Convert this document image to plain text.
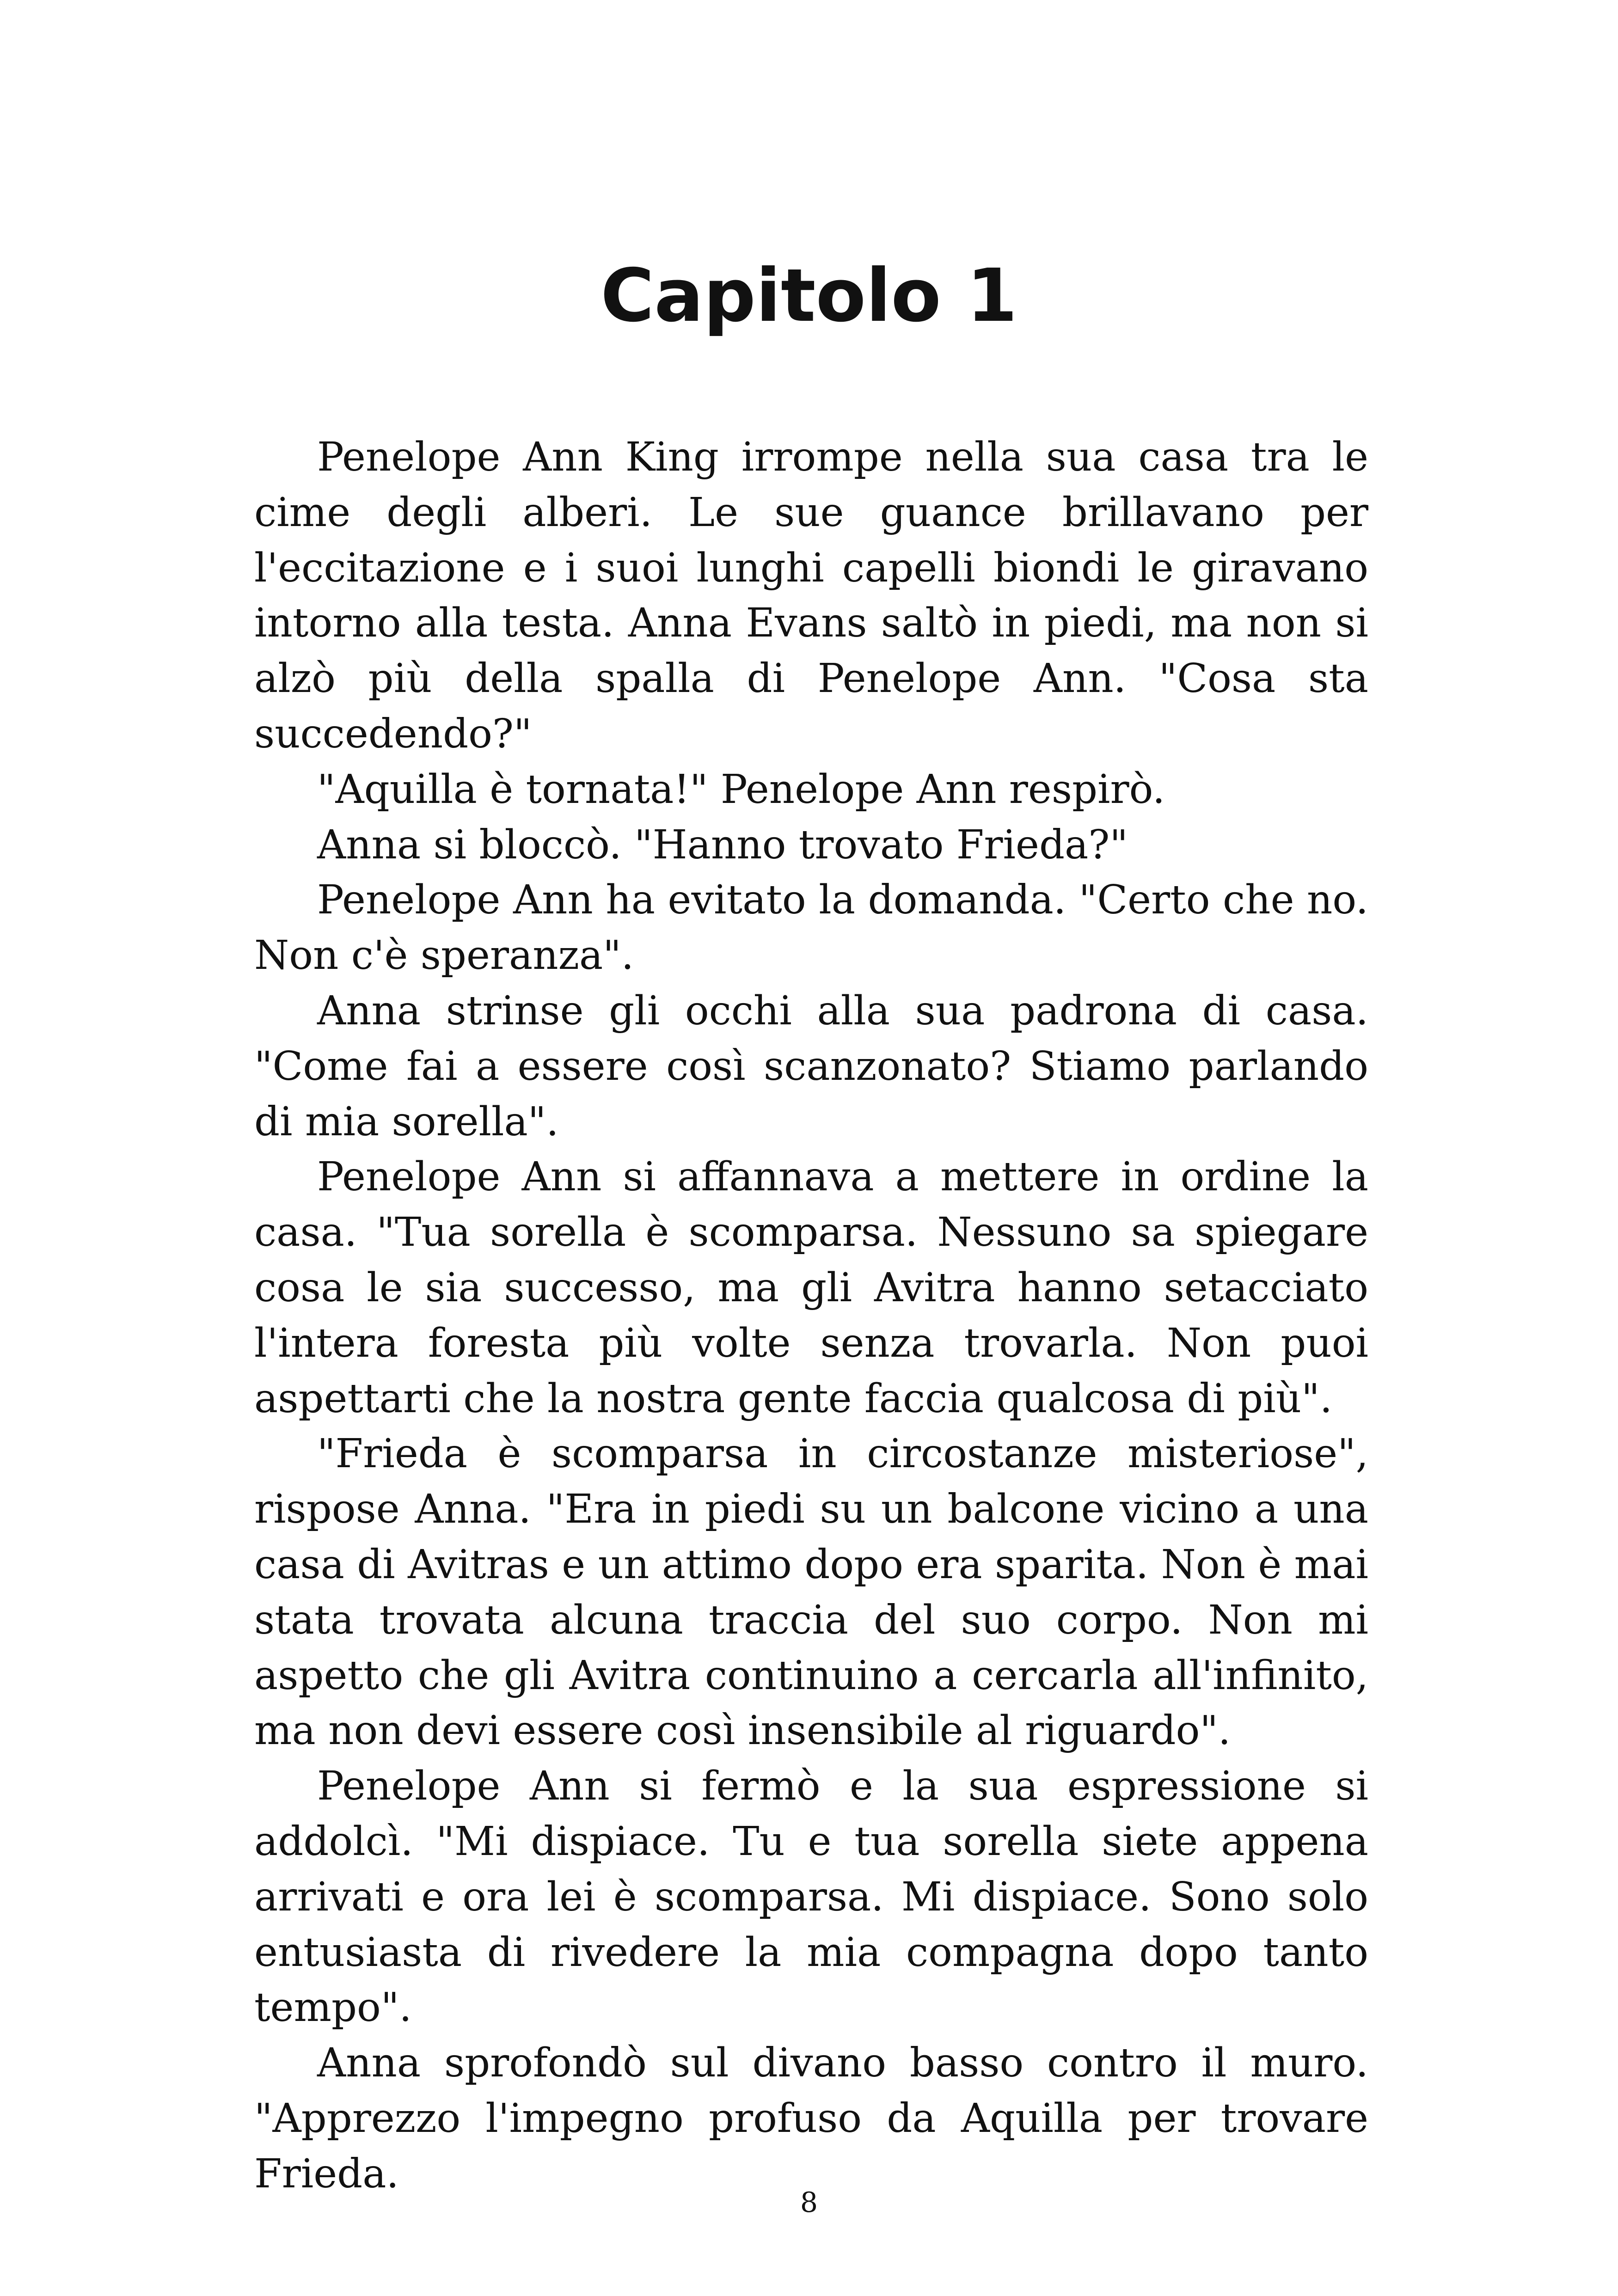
Capitolo 1

Penelope Ann King irrompe nella sua casa tra le cime degli alberi. Le sue guance brillavano per l'eccitazione e i suoi lunghi capelli biondi le giravano intorno alla testa. Anna Evans saltò in piedi, ma non si alzò più della spalla di Penelope Ann. "Cosa sta succedendo?"

"Aquilla è tornata!" Penelope Ann respirò.

Anna si bloccò. "Hanno trovato Frieda?"

Penelope Ann ha evitato la domanda. "Certo che no. Non c'è speranza".

Anna strinse gli occhi alla sua padrona di casa. "Come fai a essere così scanzonato? Stiamo parlando di mia sorella".

Penelope Ann si affannava a mettere in ordine la casa. "Tua sorella è scomparsa. Nessuno sa spiegare cosa le sia successo, ma gli Avitra hanno setacciato l'intera foresta più volte senza trovarla. Non puoi aspettarti che la nostra gente faccia qualcosa di più".

"Frieda è scomparsa in circostanze misteriose", rispose Anna. "Era in piedi su un balcone vicino a una casa di Avitras e un attimo dopo era sparita. Non è mai stata trovata alcuna traccia del suo corpo. Non mi aspetto che gli Avitra continuino a cercarla all'infinito, ma non devi essere così insensibile al riguardo".

Penelope Ann si fermò e la sua espressione si addolcì. "Mi dispiace. Tu e tua sorella siete appena arrivati e ora lei è scomparsa. Mi dispiace. Sono solo entusiasta di rivedere la mia compagna dopo tanto tempo".

Anna sprofondò sul divano basso contro il muro. "Apprezzo l'impegno profuso da Aquilla per trovare Frieda.

8
